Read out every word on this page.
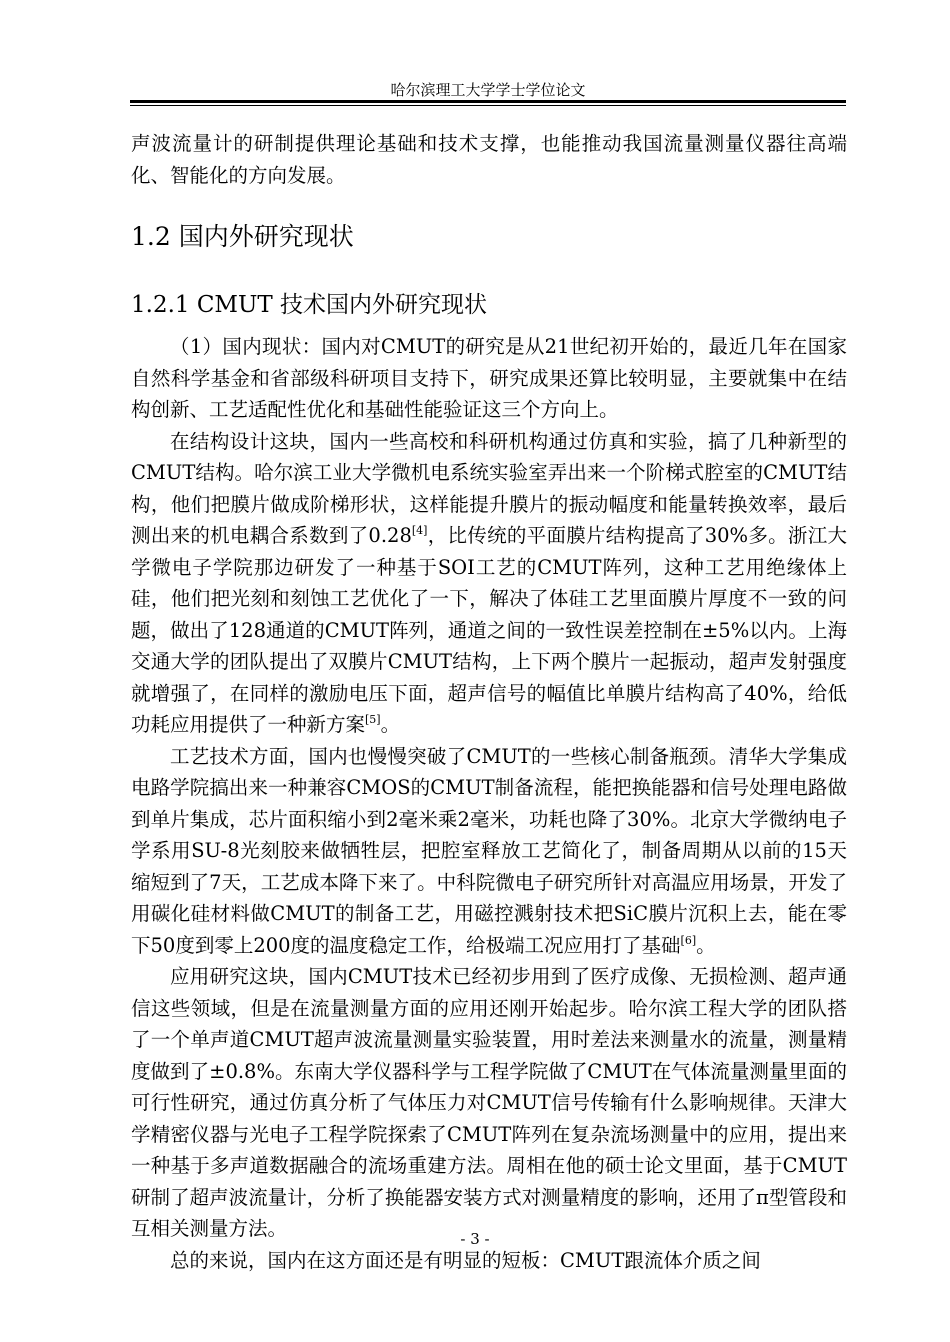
哈尔滨理工大学学士学位论文

声波流量计的研制提供理论基础和技术支撑，也能推动我国流量测量仪器往高端化、智能化的方向发展。

1.2 国内外研究现状
1.2.1 CMUT 技术国内外研究现状

（1）国内现状：国内对CMUT的研究是从21世纪初开始的，最近几年在国家自然科学基金和省部级科研项目支持下，研究成果还算比较明显，主要就集中在结构创新、工艺适配性优化和基础性能验证这三个方向上。

在结构设计这块，国内一些高校和科研机构通过仿真和实验，搞了几种新型的CMUT结构。哈尔滨工业大学微机电系统实验室弄出来一个阶梯式腔室的CMUT结构，他们把膜片做成阶梯形状，这样能提升膜片的振动幅度和能量转换效率，最后测出来的机电耦合系数到了0.28[4]，比传统的平面膜片结构提高了30%多。浙江大学微电子学院那边研发了一种基于SOI工艺的CMUT阵列，这种工艺用绝缘体上硅，他们把光刻和刻蚀工艺优化了一下，解决了体硅工艺里面膜片厚度不一致的问题，做出了128通道的CMUT阵列，通道之间的一致性误差控制在±5%以内。上海交通大学的团队提出了双膜片CMUT结构，上下两个膜片一起振动，超声发射强度就增强了，在同样的激励电压下面，超声信号的幅值比单膜片结构高了40%，给低功耗应用提供了一种新方案[5]。

工艺技术方面，国内也慢慢突破了CMUT的一些核心制备瓶颈。清华大学集成电路学院搞出来一种兼容CMOS的CMUT制备流程，能把换能器和信号处理电路做到单片集成，芯片面积缩小到2毫米乘2毫米，功耗也降了30%。北京大学微纳电子学系用SU-8光刻胶来做牺牲层，把腔室释放工艺简化了，制备周期从以前的15天缩短到了7天，工艺成本降下来了。中科院微电子研究所针对高温应用场景，开发了用碳化硅材料做CMUT的制备工艺，用磁控溅射技术把SiC膜片沉积上去，能在零下50度到零上200度的温度稳定工作，给极端工况应用打了基础[6]。

应用研究这块，国内CMUT技术已经初步用到了医疗成像、无损检测、超声通信这些领域，但是在流量测量方面的应用还刚开始起步。哈尔滨工程大学的团队搭了一个单声道CMUT超声波流量测量实验装置，用时差法来测量水的流量，测量精度做到了±0.8%。东南大学仪器科学与工程学院做了CMUT在气体流量测量里面的可行性研究，通过仿真分析了气体压力对CMUT信号传输有什么影响规律。天津大学精密仪器与光电子工程学院探索了CMUT阵列在复杂流场测量中的应用，提出来一种基于多声道数据融合的流场重建方法。周相在他的硕士论文里面，基于CMUT研制了超声波流量计，分析了换能器安装方式对测量精度的影响，还用了π型管段和互相关测量方法。

总的来说，国内在这方面还是有明显的短板：CMUT跟流体介质之间

- 3 -
